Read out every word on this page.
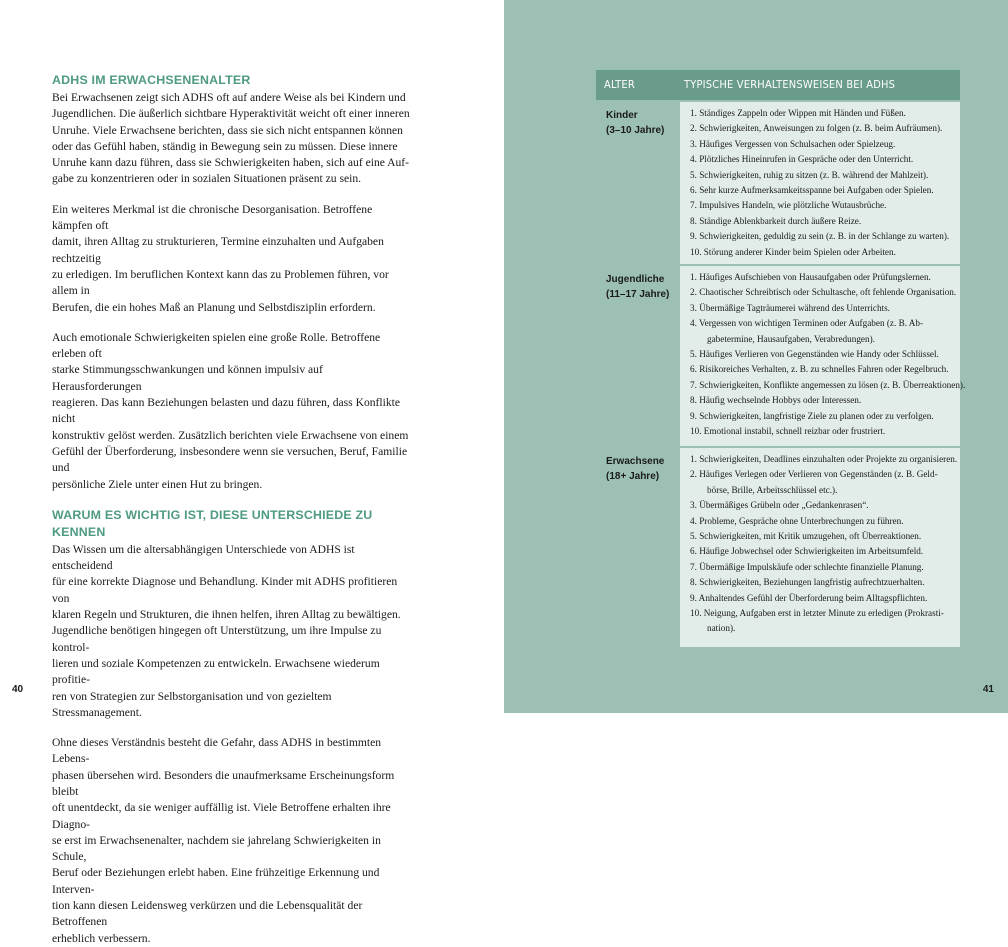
ADHS IM ERWACHSENENALTER

Bei Erwachsenen zeigt sich ADHS oft auf andere Weise als bei Kindern und
Jugendlichen. Die äußerlich sichtbare Hyperaktivität weicht oft einer inneren
Unruhe. Viele Erwachsene berichten, dass sie sich nicht entspannen können
oder das Gefühl haben, ständig in Bewegung sein zu müssen. Diese innere
Unruhe kann dazu führen, dass sie Schwierigkeiten haben, sich auf eine Auf-
gabe zu konzentrieren oder in sozialen Situationen präsent zu sein.

Ein weiteres Merkmal ist die chronische Desorganisation. Betroffene kämpfen oft
damit, ihren Alltag zu strukturieren, Termine einzuhalten und Aufgaben rechtzeitig
zu erledigen. Im beruflichen Kontext kann das zu Problemen führen, vor allem in
Berufen, die ein hohes Maß an Planung und Selbstdisziplin erfordern.

Auch emotionale Schwierigkeiten spielen eine große Rolle. Betroffene erleben oft
starke Stimmungsschwankungen und können impulsiv auf Herausforderungen
reagieren. Das kann Beziehungen belasten und dazu führen, dass Konflikte nicht
konstruktiv gelöst werden. Zusätzlich berichten viele Erwachsene von einem
Gefühl der Überforderung, insbesondere wenn sie versuchen, Beruf, Familie und
persönliche Ziele unter einen Hut zu bringen.

WARUM ES WICHTIG IST, DIESE UNTERSCHIEDE ZU KENNEN

Das Wissen um die altersabhängigen Unterschiede von ADHS ist entscheidend
für eine korrekte Diagnose und Behandlung. Kinder mit ADHS profitieren von
klaren Regeln und Strukturen, die ihnen helfen, ihren Alltag zu bewältigen.
Jugendliche benötigen hingegen oft Unterstützung, um ihre Impulse zu kontrol-
lieren und soziale Kompetenzen zu entwickeln. Erwachsene wiederum profitie-
ren von Strategien zur Selbstorganisation und von gezieltem Stressmanagement.

Ohne dieses Verständnis besteht die Gefahr, dass ADHS in bestimmten Lebens-
phasen übersehen wird. Besonders die unaufmerksame Erscheinungsform bleibt
oft unentdeckt, da sie weniger auffällig ist. Viele Betroffene erhalten ihre Diagno-
se erst im Erwachsenenalter, nachdem sie jahrelang Schwierigkeiten in Schule,
Beruf oder Beziehungen erlebt haben. Eine frühzeitige Erkennung und Interven-
tion kann diesen Leidensweg verkürzen und die Lebensqualität der Betroffenen
erheblich verbessern.

40
ALTER	TYPISCHE VERHALTENSWEISEN BEI ADHS
Kinder
(3–10 Jahre)
1. Ständiges Zappeln oder Wippen mit Händen und Füßen.
2. Schwierigkeiten, Anweisungen zu folgen (z. B. beim Aufräumen).
3. Häufiges Vergessen von Schulsachen oder Spielzeug.
4. Plötzliches Hineinrufen in Gespräche oder den Unterricht.
5. Schwierigkeiten, ruhig zu sitzen (z. B. während der Mahlzeit).
6. Sehr kurze Aufmerksamkeitsspanne bei Aufgaben oder Spielen.
7. Impulsives Handeln, wie plötzliche Wutausbrüche.
8. Ständige Ablenkbarkeit durch äußere Reize.
9. Schwierigkeiten, geduldig zu sein (z. B. in der Schlange zu warten).
10. Störung anderer Kinder beim Spielen oder Arbeiten.
Jugendliche
(11–17 Jahre)
1. Häufiges Aufschieben von Hausaufgaben oder Prüfungslernen.
2. Chaotischer Schreibtisch oder Schultasche, oft fehlende Organisation.
3. Übermäßige Tagträumerei während des Unterrichts.
4. Vergessen von wichtigen Terminen oder Aufgaben (z. B. Ab-
gabetermine, Hausaufgaben, Verabredungen).
5. Häufiges Verlieren von Gegenständen wie Handy oder Schlüssel.
6. Risikoreiches Verhalten, z. B. zu schnelles Fahren oder Regelbruch.
7. Schwierigkeiten, Konflikte angemessen zu lösen (z. B. Überreaktionen).
8. Häufig wechselnde Hobbys oder Interessen.
9. Schwierigkeiten, langfristige Ziele zu planen oder zu verfolgen.
10. Emotional instabil, schnell reizbar oder frustriert.
Erwachsene
(18+ Jahre)
1. Schwierigkeiten, Deadlines einzuhalten oder Projekte zu organisieren.
2. Häufiges Verlegen oder Verlieren von Gegenständen (z. B. Geld-
börse, Brille, Arbeitsschlüssel etc.).
3. Übermäßiges Grübeln oder „Gedankenrasen“.
4. Probleme, Gespräche ohne Unterbrechungen zu führen.
5. Schwierigkeiten, mit Kritik umzugehen, oft Überreaktionen.
6. Häufige Jobwechsel oder Schwierigkeiten im Arbeitsumfeld.
7. Übermäßige Impulskäufe oder schlechte finanzielle Planung.
8. Schwierigkeiten, Beziehungen langfristig aufrechtzuerhalten.
9. Anhaltendes Gefühl der Überforderung beim Alltagspflichten.
10. Neigung, Aufgaben erst in letzter Minute zu erledigen (Prokrasti-
nation).
41
